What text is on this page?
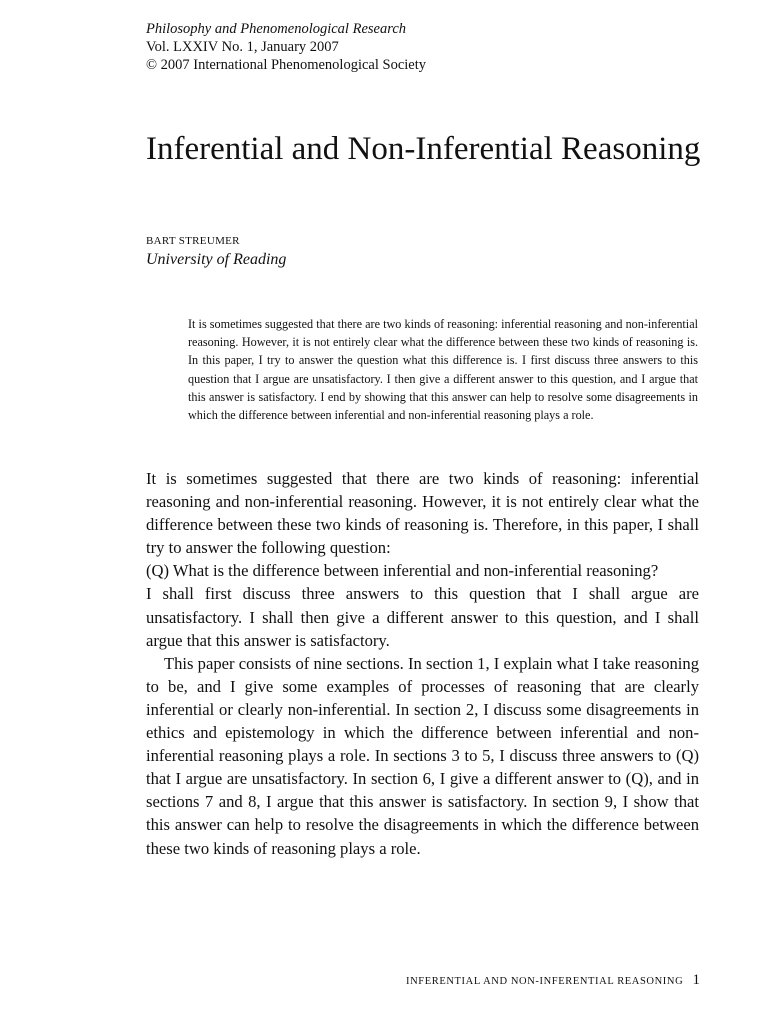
Philosophy and Phenomenological Research
Vol. LXXIV No. 1, January 2007
© 2007 International Phenomenological Society
Inferential and Non-Inferential Reasoning
BART STREUMER
University of Reading
It is sometimes suggested that there are two kinds of reasoning: inferential reasoning and non-inferential reasoning. However, it is not entirely clear what the difference between these two kinds of reasoning is. In this paper, I try to answer the question what this difference is. I first discuss three answers to this question that I argue are unsatisfactory. I then give a different answer to this question, and I argue that this answer is satisfactory. I end by showing that this answer can help to resolve some disagreements in which the difference between inferential and non-inferential reasoning plays a role.

It is sometimes suggested that there are two kinds of reasoning: inferential reasoning and non-inferential reasoning. However, it is not entirely clear what the difference between these two kinds of reasoning is. Therefore, in this paper, I shall try to answer the following question:

(Q) What is the difference between inferential and non-inferential reasoning?

I shall first discuss three answers to this question that I shall argue are unsatisfactory. I shall then give a different answer to this question, and I shall argue that this answer is satisfactory.

This paper consists of nine sections. In section 1, I explain what I take reasoning to be, and I give some examples of processes of reasoning that are clearly inferential or clearly non-inferential. In section 2, I discuss some disagreements in ethics and epistemology in which the difference between inferential and non-inferential reasoning plays a role. In sections 3 to 5, I discuss three answers to (Q) that I argue are unsatisfactory. In section 6, I give a different answer to (Q), and in sections 7 and 8, I argue that this answer is satisfactory. In section 9, I show that this answer can help to resolve the disagreements in which the difference between these two kinds of reasoning plays a role.

INFERENTIAL AND NON-INFERENTIAL REASONING 1
